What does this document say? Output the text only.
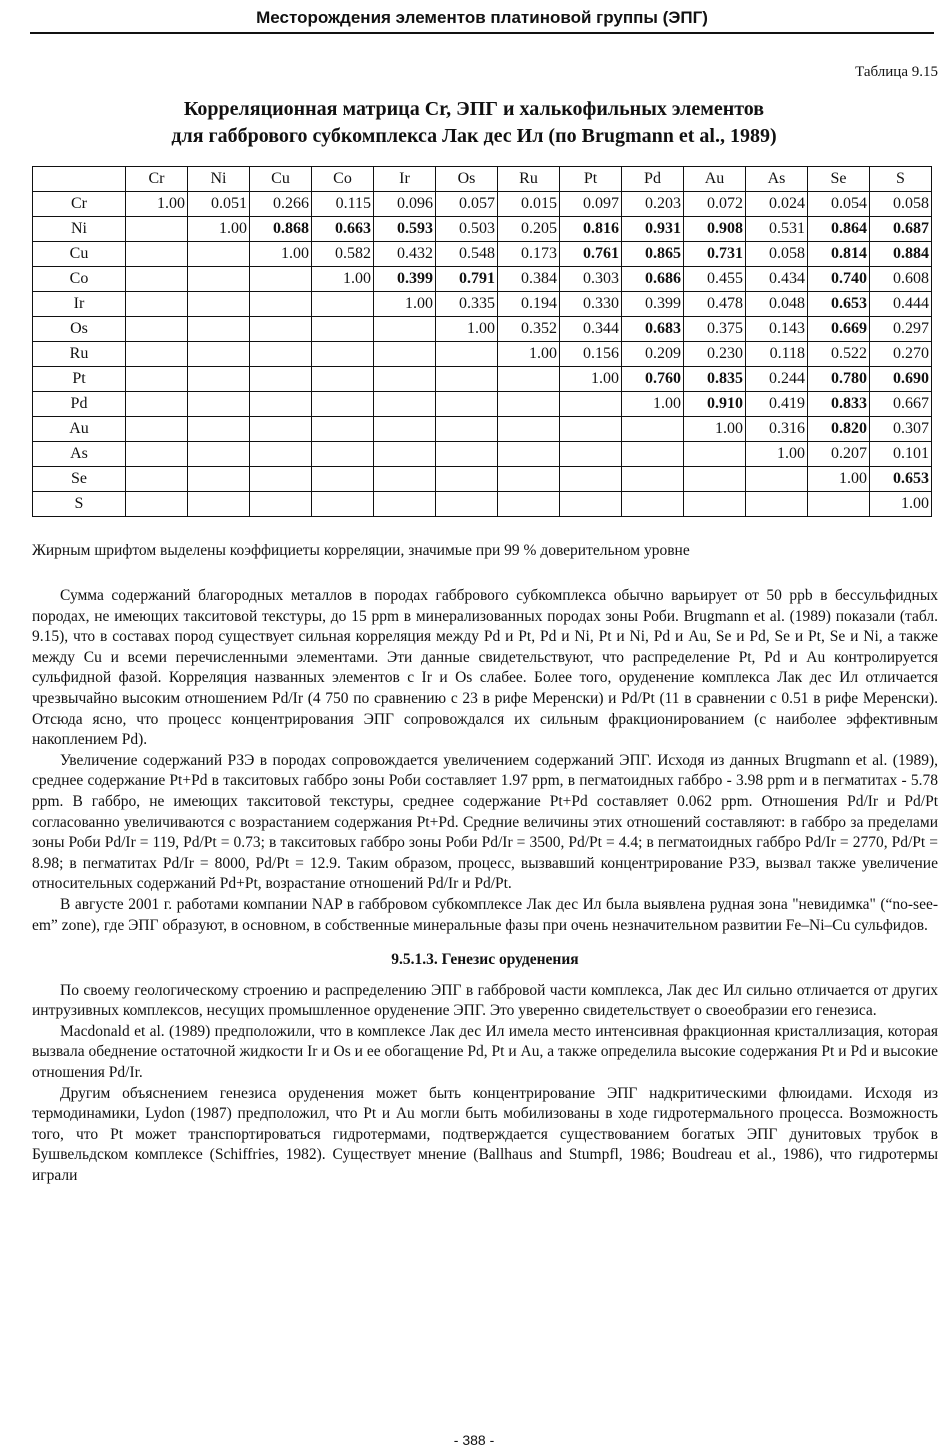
Месторождения элементов платиновой группы (ЭПГ)
Таблица 9.15
Корреляционная матрица Cr, ЭПГ и халькофильных элементов
для габбрового субкомплекса Лак дес Ил (по Brugmann et al., 1989)
	Cr	Ni	Cu	Co	Ir	Os	Ru	Pt	Pd	Au	As	Se	S
Cr	1.00	0.051	0.266	0.115	0.096	0.057	0.015	0.097	0.203	0.072	0.024	0.054	0.058
Ni		1.00	0.868	0.663	0.593	0.503	0.205	0.816	0.931	0.908	0.531	0.864	0.687
Cu			1.00	0.582	0.432	0.548	0.173	0.761	0.865	0.731	0.058	0.814	0.884
Co				1.00	0.399	0.791	0.384	0.303	0.686	0.455	0.434	0.740	0.608
Ir					1.00	0.335	0.194	0.330	0.399	0.478	0.048	0.653	0.444
Os						1.00	0.352	0.344	0.683	0.375	0.143	0.669	0.297
Ru							1.00	0.156	0.209	0.230	0.118	0.522	0.270
Pt								1.00	0.760	0.835	0.244	0.780	0.690
Pd									1.00	0.910	0.419	0.833	0.667
Au										1.00	0.316	0.820	0.307
As											1.00	0.207	0.101
Se												1.00	0.653
S													1.00
Жирным шрифтом выделены коэффициеты корреляции, значимые при 99 % доверительном уровне

Сумма содержаний благородных металлов в породах габбрового субкомплекса обычно варьирует от 50 ppb в бессульфидных породах, не имеющих такситовой текстуры, до 15 ppm в минерализованных породах зоны Роби. Brugmann et al. (1989) показали (табл. 9.15), что в составах пород существует сильная корреляция между Pd и Pt, Pd и Ni, Pt и Ni, Pd и Au, Se и Pd, Se и Pt, Se и Ni, а также между Cu и всеми перечисленными элементами. Эти данные свидетельствуют, что распределение Pt, Pd и Au контролируется сульфидной фазой. Корреляция названных элементов с Ir и Os слабее. Более того, оруденение комплекса Лак дес Ил отличается чрезвычайно высоким отношением Pd/Ir (4 750 по сравнению с 23 в рифе Меренски) и Pd/Pt (11 в сравнении с 0.51 в рифе Меренски). Отсюда ясно, что процесс концентрирования ЭПГ сопровождался их сильным фракционированием (с наиболее эффективным накоплением Pd).

Увеличение содержаний РЗЭ в породах сопровождается увеличением содержаний ЭПГ. Исходя из данных Brugmann et al. (1989), среднее содержание Pt+Pd в такситовых габбро зоны Роби составляет 1.97 ppm, в пегматоидных габбро - 3.98 ppm и в пегматитах - 5.78 ppm. В габбро, не имеющих такситовой текстуры, среднее содержание Pt+Pd составляет 0.062 ppm. Отношения Pd/Ir и Pd/Pt согласованно увеличиваются с возрастанием содержания Pt+Pd. Средние величины этих отношений составляют: в габбро за пределами зоны Роби Pd/Ir = 119, Pd/Pt = 0.73; в такситовых габбро зоны Роби Pd/Ir = 3500, Pd/Pt = 4.4; в пегматоидных габбро Pd/Ir = 2770, Pd/Pt = 8.98; в пегматитах Pd/Ir = 8000, Pd/Pt = 12.9. Таким образом, процесс, вызвавший концентрирование РЗЭ, вызвал также увеличение относительных содержаний Pd+Pt, возрастание отношений Pd/Ir и Pd/Pt.

В августе 2001 г. работами компании NAP в габбровом субкомплексе Лак дес Ил была выявлена рудная зона "невидимка" (“no-see-em” zone), где ЭПГ образуют, в основном, в собственные минеральные фазы при очень незначительном развитии Fe–Ni–Cu сульфидов.

9.5.1.3. Генезис оруденения

По своему геологическому строению и распределению ЭПГ в габбровой части комплекса, Лак дес Ил сильно отличается от других интрузивных комплексов, несущих промышленное оруденение ЭПГ. Это уверенно свидетельствует о своеобразии его генезиса.

Macdonald et al. (1989) предположили, что в комплексе Лак дес Ил имела место интенсивная фракционная кристаллизация, которая вызвала обеднение остаточной жидкости Ir и Os и ее обогащение Pd, Pt и Au, а также определила высокие содержания Pt и Pd и высокие отношения Pd/Ir.

Другим объяснением генезиса оруденения может быть концентрирование ЭПГ надкритическими флюидами. Исходя из термодинамики, Lydon (1987) предположил, что Pt и Au могли быть мобилизованы в ходе гидротермального процесса. Возможность того, что Pt может транспортироваться гидротермами, подтверждается существованием богатых ЭПГ дунитовых трубок в Бушвельдском комплексе (Schiffries, 1982). Существует мнение (Ballhaus and Stumpfl, 1986; Boudreau et al., 1986), что гидротермы играли

- 388 -
